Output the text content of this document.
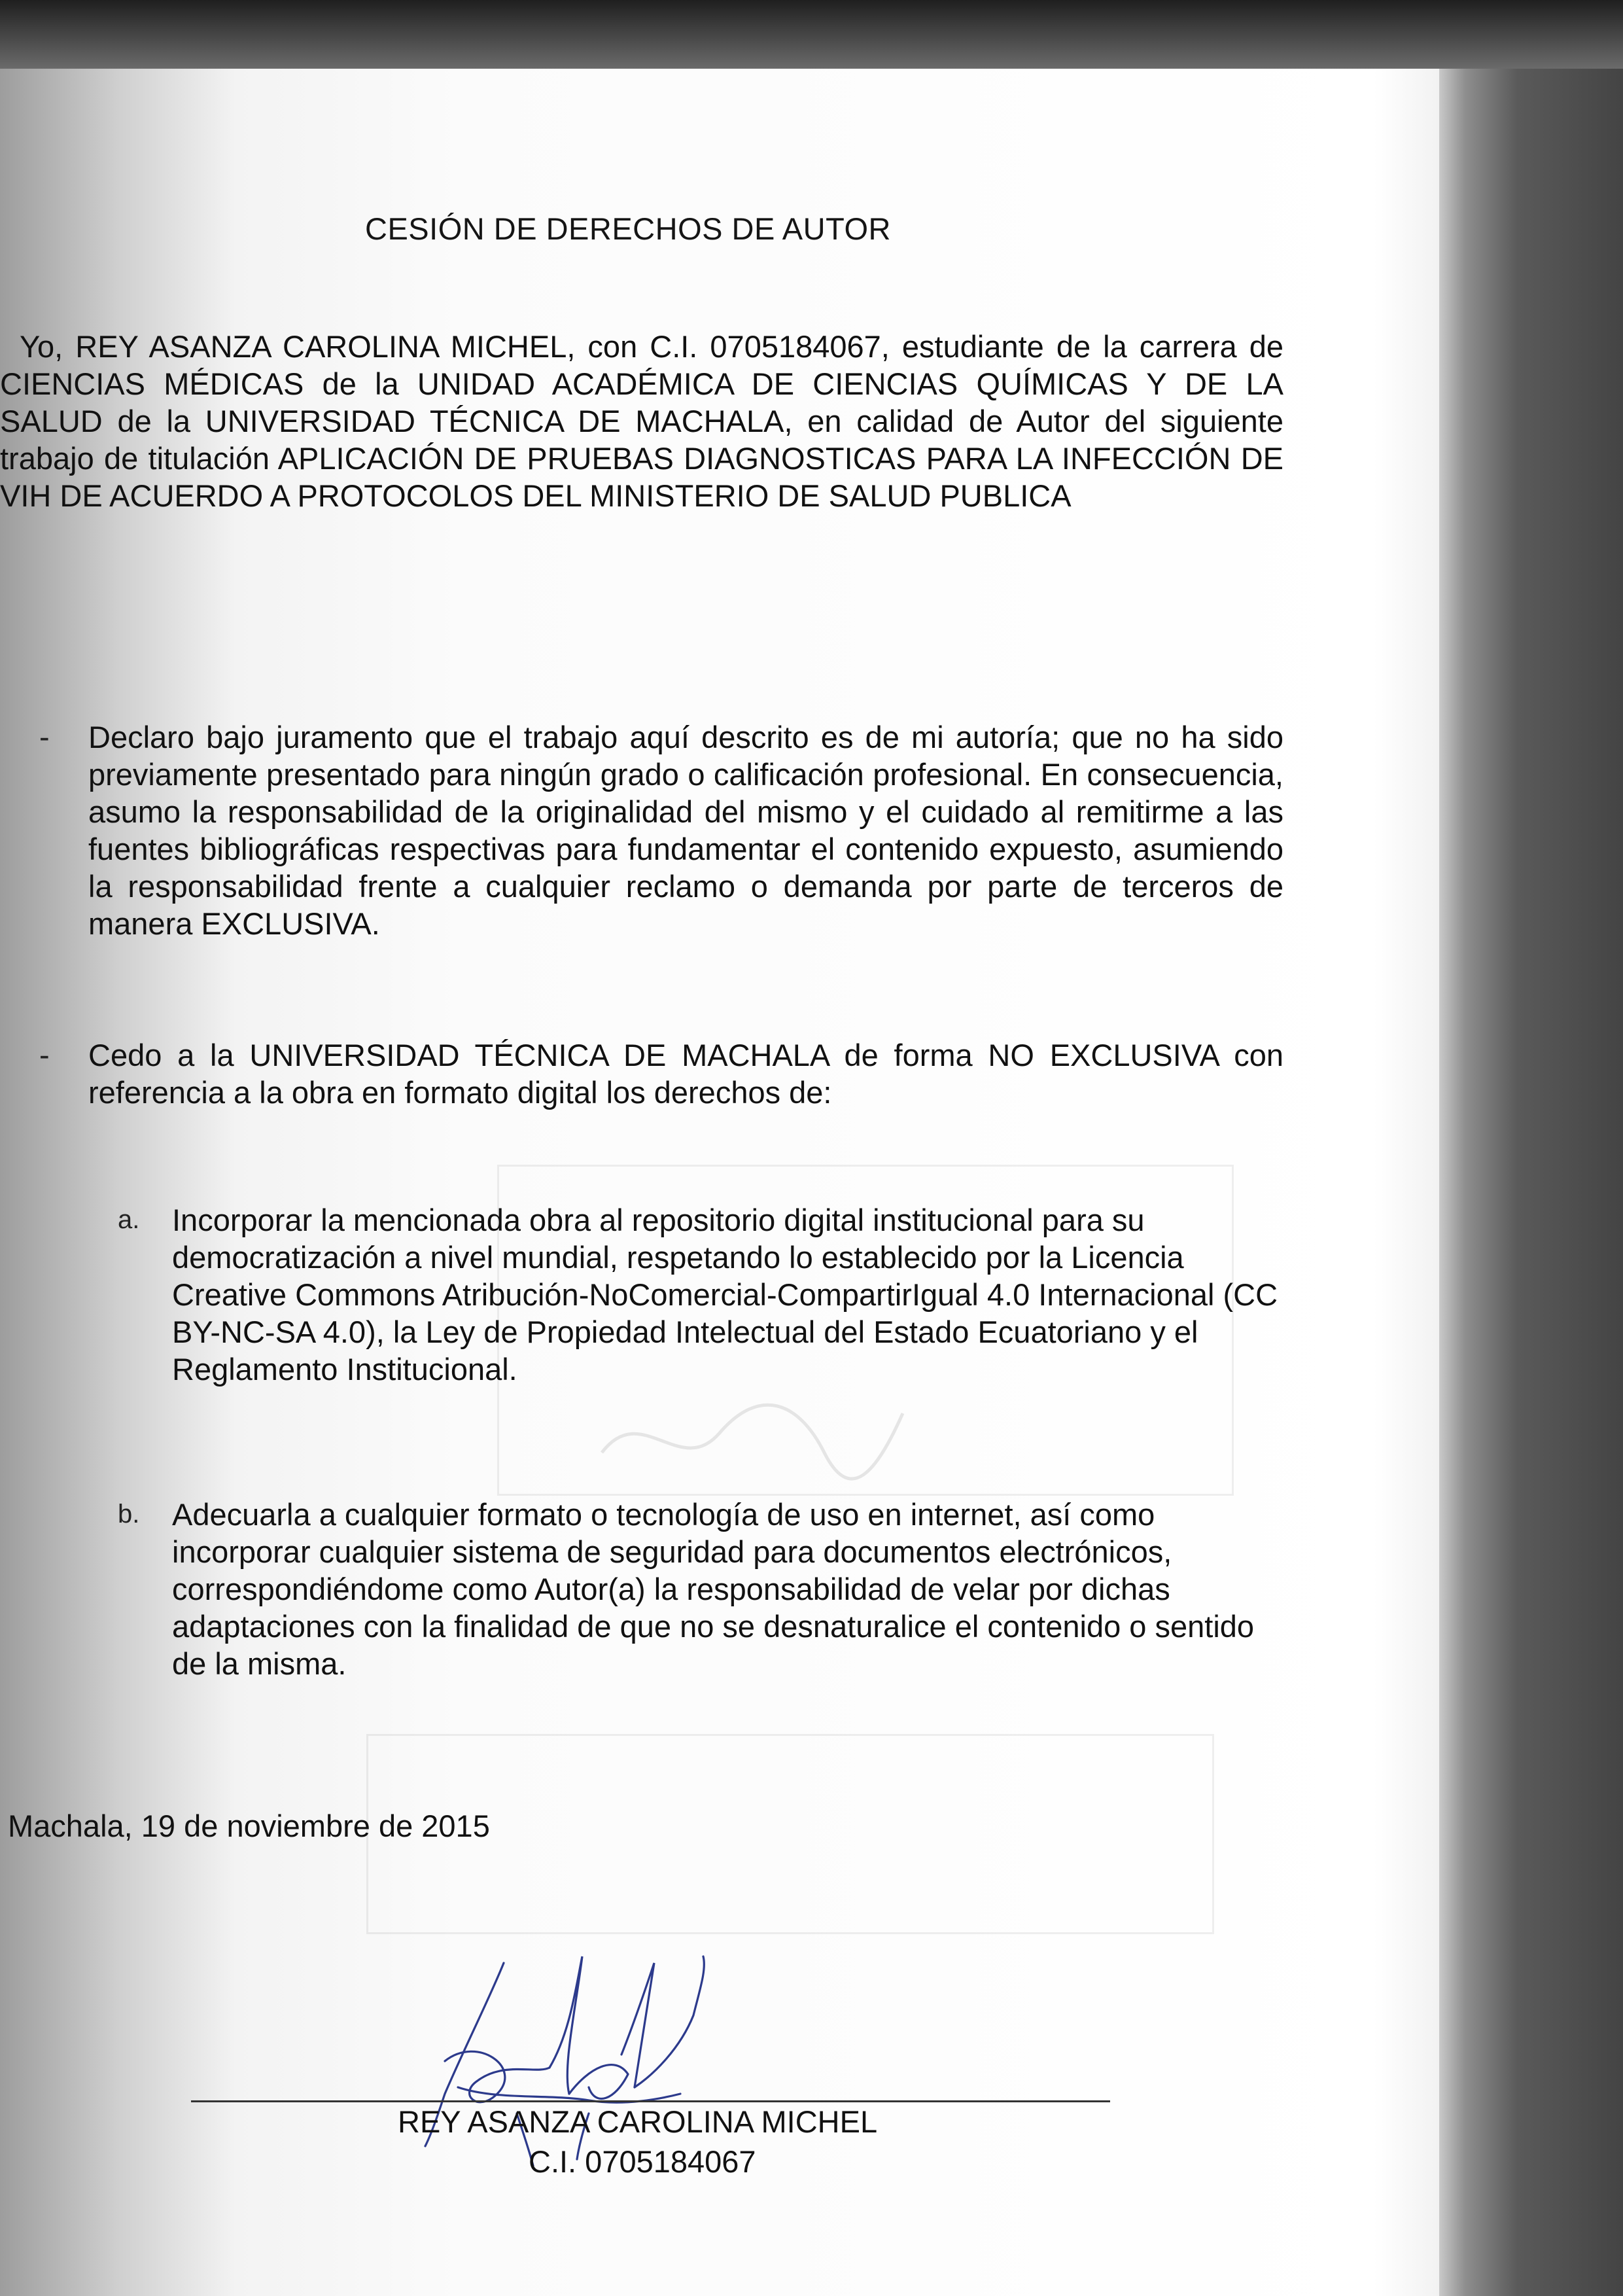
CESIÓN DE DERECHOS DE AUTOR
Yo, REY ASANZA CAROLINA MICHEL, con C.I. 0705184067, estudiante de la carrera de CIENCIAS MÉDICAS de la UNIDAD ACADÉMICA DE CIENCIAS QUÍMICAS Y DE LA SALUD de la UNIVERSIDAD TÉCNICA DE MACHALA, en calidad de Autor del siguiente trabajo de titulación APLICACIÓN DE PRUEBAS DIAGNOSTICAS PARA LA INFECCIÓN DE VIH DE ACUERDO A PROTOCOLOS DEL MINISTERIO DE SALUD PUBLICA
- Declaro bajo juramento que el trabajo aquí descrito es de mi autoría; que no ha sido previamente presentado para ningún grado o calificación profesional. En consecuencia, asumo la responsabilidad de la originalidad del mismo y el cuidado al remitirme a las fuentes bibliográficas respectivas para fundamentar el contenido expuesto, asumiendo la responsabilidad frente a cualquier reclamo o demanda por parte de terceros de manera EXCLUSIVA.
- Cedo a la UNIVERSIDAD TÉCNICA DE MACHALA de forma NO EXCLUSIVA con referencia a la obra en formato digital los derechos de:
a. Incorporar la mencionada obra al repositorio digital institucional para su democratización a nivel mundial, respetando lo establecido por la Licencia Creative Commons Atribución-NoComercial-CompartirIgual 4.0 Internacional (CC BY-NC-SA 4.0), la Ley de Propiedad Intelectual del Estado Ecuatoriano y el Reglamento Institucional.
b. Adecuarla a cualquier formato o tecnología de uso en internet, así como incorporar cualquier sistema de seguridad para documentos electrónicos, correspondiéndome como Autor(a) la responsabilidad de velar por dichas adaptaciones con la finalidad de que no se desnaturalice el contenido o sentido de la misma.
Machala, 19 de noviembre de 2015
REY ASANZA CAROLINA MICHEL
C.I. 0705184067
